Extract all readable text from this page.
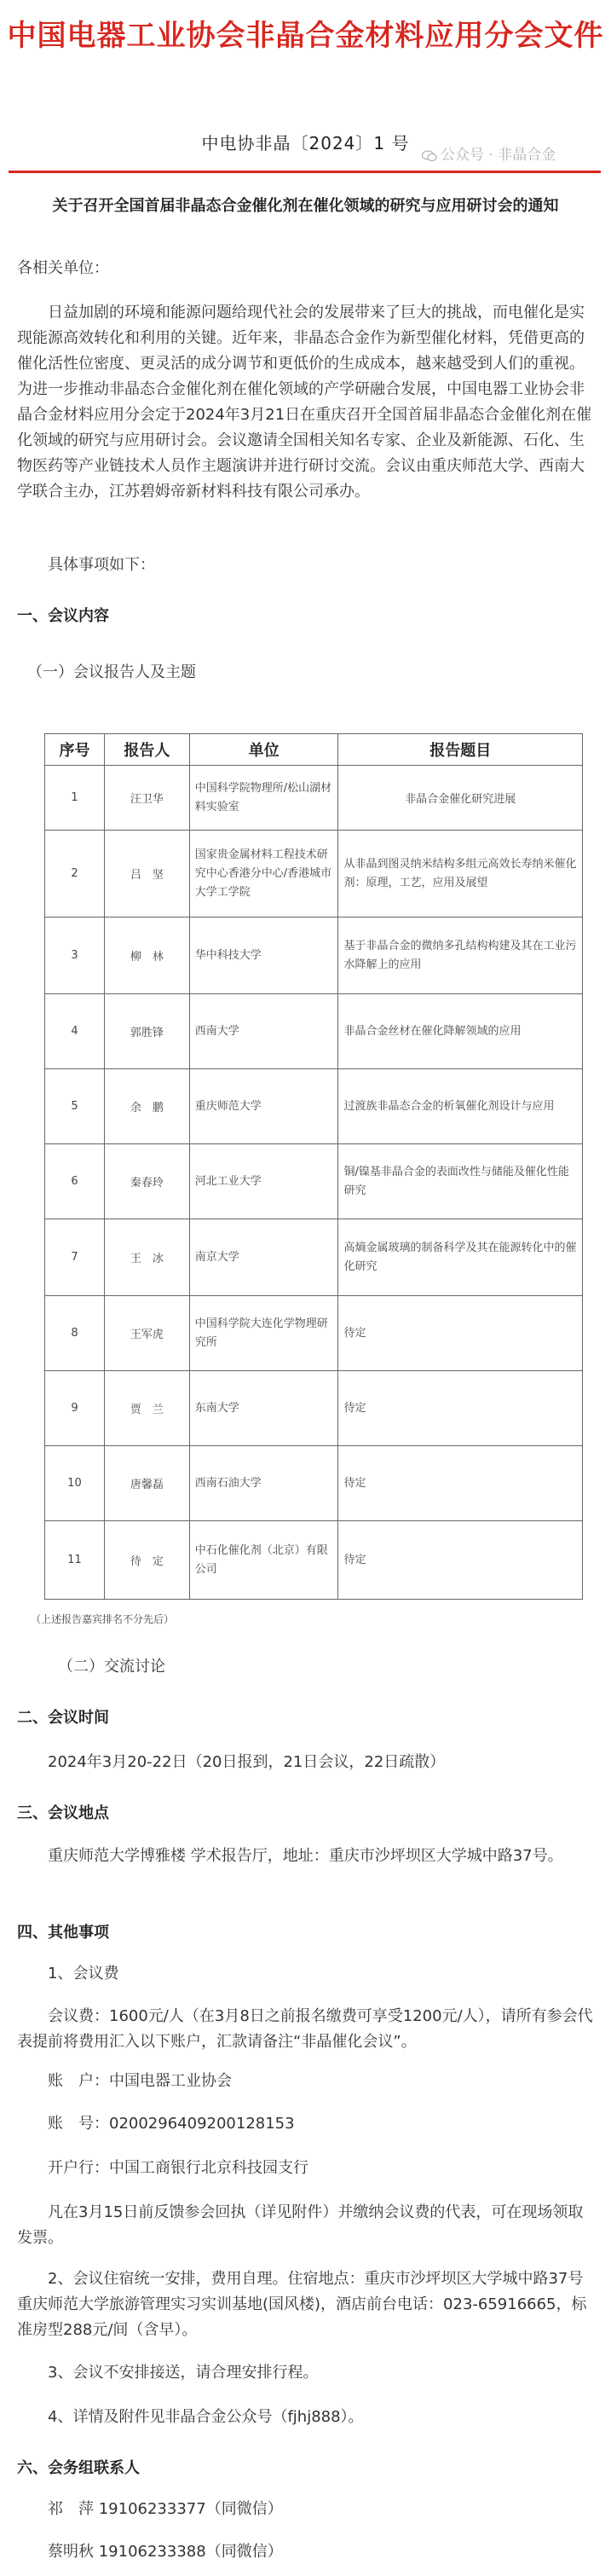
中国电器工业协会非晶合金材料应用分会文件
中电协非晶〔2024〕1 号
公众号 · 非晶合金
关于召开全国首届非晶态合金催化剂在催化领域的研究与应用研讨会的通知
各相关单位：
日益加剧的环境和能源问题给现代社会的发展带来了巨大的挑战，而电催化是实现能源高效转化和利用的关键。近年来，非晶态合金作为新型催化材料，凭借更高的催化活性位密度、更灵活的成分调节和更低价的生成成本，越来越受到人们的重视。为进一步推动非晶态合金催化剂在催化领域的产学研融合发展，中国电器工业协会非晶合金材料应用分会定于2024年3月21日在重庆召开全国首届非晶态合金催化剂在催化领域的研究与应用研讨会。会议邀请全国相关知名专家、企业及新能源、石化、生物医药等产业链技术人员作主题演讲并进行研讨交流。会议由重庆师范大学、西南大学联合主办，江苏碧姆帝新材料科技有限公司承办。
具体事项如下：
一、会议内容
（一）会议报告人及主题
序号	报告人	单位	报告题目
1	汪卫华	中国科学院物理所/松山湖材料实验室	非晶合金催化研究进展
2	吕　坚	国家贵金属材料工程技术研究中心香港分中心/香港城市大学工学院	从非晶到图灵纳米结构多组元高效长寿纳米催化剂：原理，工艺，应用及展望
3	柳　林	华中科技大学	基于非晶合金的微纳多孔结构构建及其在工业污水降解上的应用
4	郭胜锋	西南大学	非晶合金丝材在催化降解领域的应用
5	余　鹏	重庆师范大学	过渡族非晶态合金的析氧催化剂设计与应用
6	秦春玲	河北工业大学	铜/镍基非晶合金的表面改性与储能及催化性能研究
7	王　冰	南京大学	高熵金属玻璃的制备科学及其在能源转化中的催化研究
8	王军虎	中国科学院大连化学物理研究所	待定
9	贾　兰	东南大学	待定
10	唐馨磊	西南石油大学	待定
11	待　定	中石化催化剂（北京）有限公司	待定
（上述报告嘉宾排名不分先后）
（二）交流讨论
二、会议时间
2024年3月20-22日（20日报到，21日会议，22日疏散）
三、会议地点
重庆师范大学博雅楼 学术报告厅，地址：重庆市沙坪坝区大学城中路37号。
四、其他事项
1、会议费
会议费：1600元/人（在3月8日之前报名缴费可享受1200元/人），请所有参会代表提前将费用汇入以下账户，汇款请备注“非晶催化会议”。
账　户：中国电器工业协会
账　号：0200296409200128153
开户行：中国工商银行北京科技园支行
凡在3月15日前反馈参会回执（详见附件）并缴纳会议费的代表，可在现场领取发票。
2、会议住宿统一安排，费用自理。住宿地点：重庆市沙坪坝区大学城中路37号重庆师范大学旅游管理实习实训基地(国风楼)，酒店前台电话：023-65916665，标准房型288元/间（含早）。
3、会议不安排接送，请合理安排行程。
4、详情及附件见非晶合金公众号（fjhj888）。
六、会务组联系人
祁　萍 19106233377（同微信）
蔡明秋 19106233388（同微信）
